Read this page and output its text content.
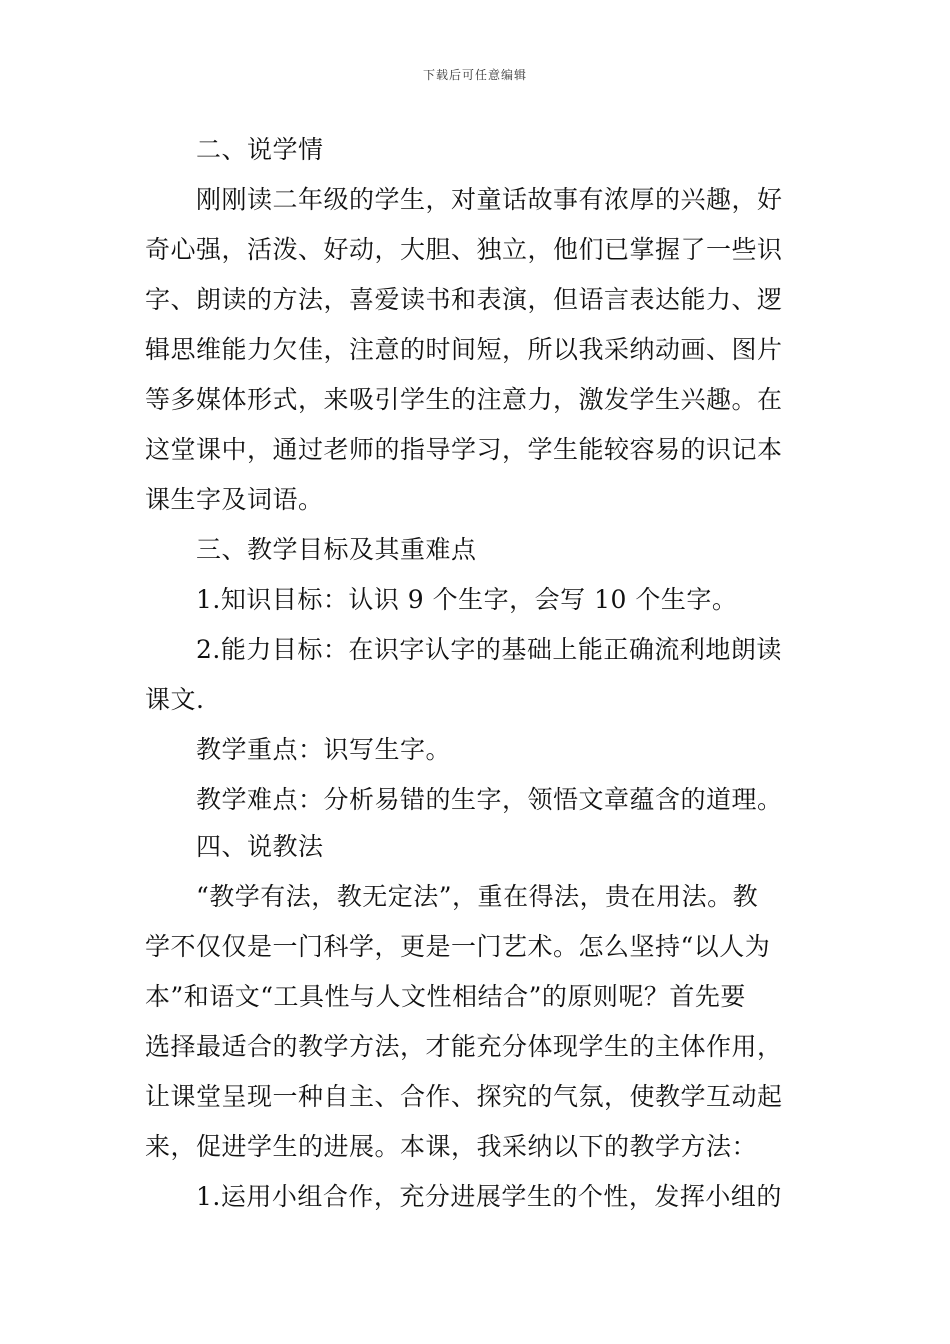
下载后可任意编辑
二、说学情
刚刚读二年级的学生，对童话故事有浓厚的兴趣，好
奇心强，活泼、好动，大胆、独立，他们已掌握了一些识
字、朗读的方法，喜爱读书和表演，但语言表达能力、逻
辑思维能力欠佳，注意的时间短，所以我采纳动画、图片
等多媒体形式，来吸引学生的注意力，激发学生兴趣。在
这堂课中，通过老师的指导学习，学生能较容易的识记本
课生字及词语。
三、教学目标及其重难点
1.知识目标：认识 9 个生字，会写 10 个生字。
2.能力目标：在识字认字的基础上能正确流利地朗读
课文.
教学重点：识写生字。
教学难点：分析易错的生字，领悟文章蕴含的道理。
四、说教法
“教学有法，教无定法”，重在得法，贵在用法。教
学不仅仅是一门科学，更是一门艺术。怎么坚持“以人为
本”和语文“工具性与人文性相结合”的原则呢？首先要
选择最适合的教学方法，才能充分体现学生的主体作用，
让课堂呈现一种自主、合作、探究的气氛，使教学互动起
来，促进学生的进展。本课，我采纳以下的教学方法：
1.运用小组合作，充分进展学生的个性，发挥小组的
